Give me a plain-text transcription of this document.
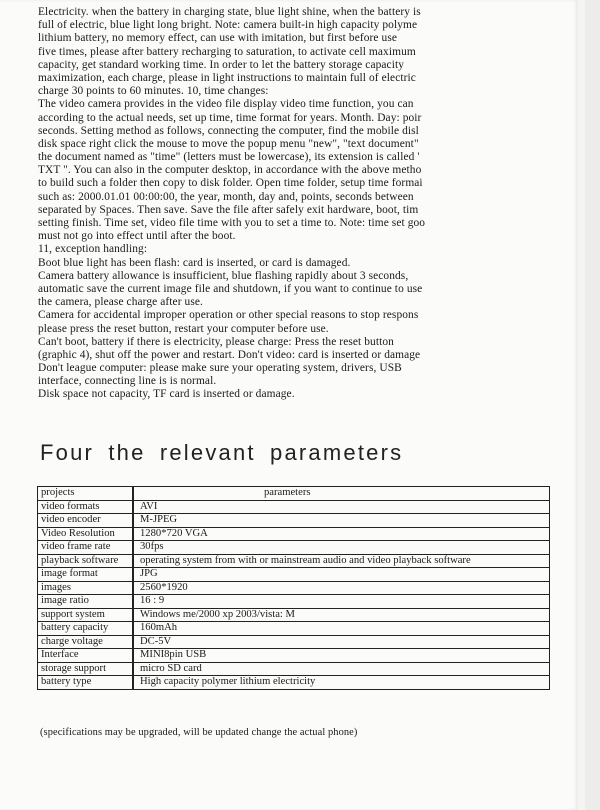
Electricity. when the battery in charging state, blue light shine, when the battery is
full of electric, blue light long bright. Note: camera built-in high capacity polyme
lithium battery, no memory effect, can use with imitation, but first before use
five times, please after battery recharging to saturation, to activate cell maximum
capacity, get standard working time. In order to let the battery storage capacity
maximization, each charge, please in light instructions to maintain full of electric
charge 30 points to 60 minutes. 10, time changes:
The video camera provides in the video file display video time function, you can
according to the actual needs, set up time, time format for years. Month. Day: poir
seconds. Setting method as follows, connecting the computer, find the mobile disl
disk space right click the mouse to move the popup menu "new", "text document"
the document named as "time" (letters must be lowercase), its extension is called '
TXT ". You can also in the computer desktop, in accordance with the above metho
to build such a folder then copy to disk folder. Open time folder, setup time formai
such as: 2000.01.01 00:00:00, the year, month, day and, points, seconds between
separated by Spaces. Then save. Save the file after safely exit hardware, boot, tim
setting finish. Time set, video file time with you to set a time to. Note: time set goo
must not go into effect until after the boot.
11, exception handling:
Boot blue light has been flash: card is inserted, or card is damaged.
Camera battery allowance is insufficient, blue flashing rapidly about 3 seconds,
automatic save the current image file and shutdown, if you want to continue to use
the camera, please charge after use.
Camera for accidental improper operation or other special reasons to stop respons
please press the reset button, restart your computer before use.
Can't boot, battery if there is electricity, please charge: Press the reset button
(graphic 4), shut off the power and restart. Don't video: card is inserted or damage
Don't league computer: please make sure your operating system, drivers, USB
interface, connecting line is is normal.
Disk space not capacity, TF card is inserted or damage.
Four the relevant parameters
projects	parameters
video formats	AVI
video encoder	M-JPEG
Video Resolution	1280*720 VGA
video frame rate	30fps
playback software	operating system from with or mainstream audio and video playback software
image format	JPG
images	2560*1920
image ratio	16 : 9
support system	Windows me/2000 xp 2003/vista: M
battery capacity	160mAh
charge voltage	DC-5V
Interface	MINI8pin USB
storage support	micro SD card
battery type	High capacity polymer lithium electricity
(specifications may be upgraded, will be updated change the actual phone)
